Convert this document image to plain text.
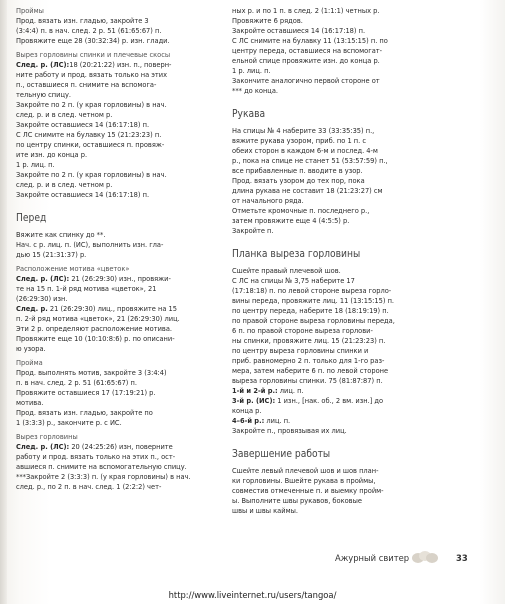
Проймы
Прод. вязать изн. гладью, закройте 3
(3:4:4) п. в нач. след. 2 р. 51 (61:65:67) п.
Провяжите еще 28 (30:32:34) р. изн. глади.
Вырез горловины спинки и плечевые скосы
След. р. (ЛС):18 (20:21:22) изн. п., поверн-
ните работу и прод. вязать только на этих
п., оставшиеся п. снимите на вспомога-
тельную спицу.
Закройте по 2 п. (у края горловины) в нач.
след. р. и в след. четном р.
Закройте оставшиеся 14 (16:17:18) п.
С ЛС снимите на булавку 15 (21:23:23) п.
по центру спинки, оставшиеся п. провяж-
ите изн. до конца р.
1 р. лиц. п.
Закройте по 2 п. (у края горловины) в нач.
след. р. и в след. четном р.
Закройте оставшиеся 14 (16:17:18) п.
Перед
Вяжите как спинку до **.
Нач. с р. лиц. п. (ИС), выполнить изн. гла-
дью 15 (21:31:37) р.
Расположение мотива «цветок»
След. р. (ЛС): 21 (26:29:30) изн., провяжи-
те на 15 п. 1-й ряд мотива «цветок», 21
(26:29:30) изн.
След. р. 21 (26:29:30) лиц., провяжите на 15
п. 2-й ряд мотива «цветок», 21 (26:29:30) лиц.
Эти 2 р. определяют расположение мотива.
Провяжите еще 10 (10:10:8:6) р. по описани-
ю узора.
Пройма
Прод. выполнять мотив, закройте 3 (3:4:4)
п. в нач. след. 2 р. 51 (61:65:67) п.
Провяжите оставшиеся 17 (17:19:21) р.
мотива.
Прод. вязать изн. гладью, закройте по
1 (3:3:3) р., закончите р. с ИС.
Вырез горловины
След. р. (ЛС): 20 (24:25:26) изн, поверните
работу и прод. вязать только на этих п., ост-
авшиеся п. снимите на вспомогательную спицу.
***Закройте 2 (3:3:3) п. (у края горловины) в нач.
след. р., по 2 п. в нач. след. 1 (2:2:2) чет-
ных р. и по 1 п. в след. 2 (1:1:1) четных р.
Провяжите 6 рядов.
Закройте оставшиеся 14 (16:17:18) п.
С ЛС снимите на булавку 11 (13:15:15) п. по
центру переда, оставшиеся на вспомогат-
ельной спице провяжите изн. до конца р.
1 р. лиц. п.
Закончите аналогично первой стороне от
*** до конца.
Рукава
На спицы № 4 наберите 33 (33:35:35) п.,
вяжите рукава узором, приб. по 1 п. с
обеих сторон в каждом 6-м и послед. 4-м
р., пока на спице не станет 51 (53:57:59) п.,
все прибавленные п. вводите в узор.
Прод. вязать узором до тех пор, пока
длина рукава не составит 18 (21:23:27) см
от начального ряда.
Отметьте кромочные п. последнего р.,
затем провяжите еще 4 (4:5:5) р.
Закройте п.
Планка выреза горловины
Сшейте правый плечевой шов.
С ЛС на спицы № 3,75 наберите 17
(17:18:18) п. по левой стороне выреза горло-
вины переда, провяжите лиц. 11 (13:15:15) п.
по центру переда, наберите 18 (18:19:19) п.
по правой стороне выреза горловины переда,
6 п. по правой стороне выреза горлови-
ны спинки, провяжите лиц. 15 (21:23:23) п.
по центру выреза горловины спинки и
приб. равномерно 2 п. только для 1-го раз-
мера, затем наберите 6 п. по левой стороне
выреза горловины спинки. 75 (81:87:87) п.
1-й и 2-й р.: лиц. п.
3-й р. (ИС): 1 изн., [нак. об., 2 вм. изн.] до
конца р.
4–6-й р.: лиц. п.
Закройте п., провязывая их лиц.
Завершение работы
Сшейте левый плечевой шов и шов план-
ки горловины. Вшейте рукава в проймы,
совместив отмеченные п. и выемку пройм-
ы. Выполните швы рукавов, боковые
швы и швы каймы.
Ажурный свитер	33
http://www.liveinternet.ru/users/tangoa/
